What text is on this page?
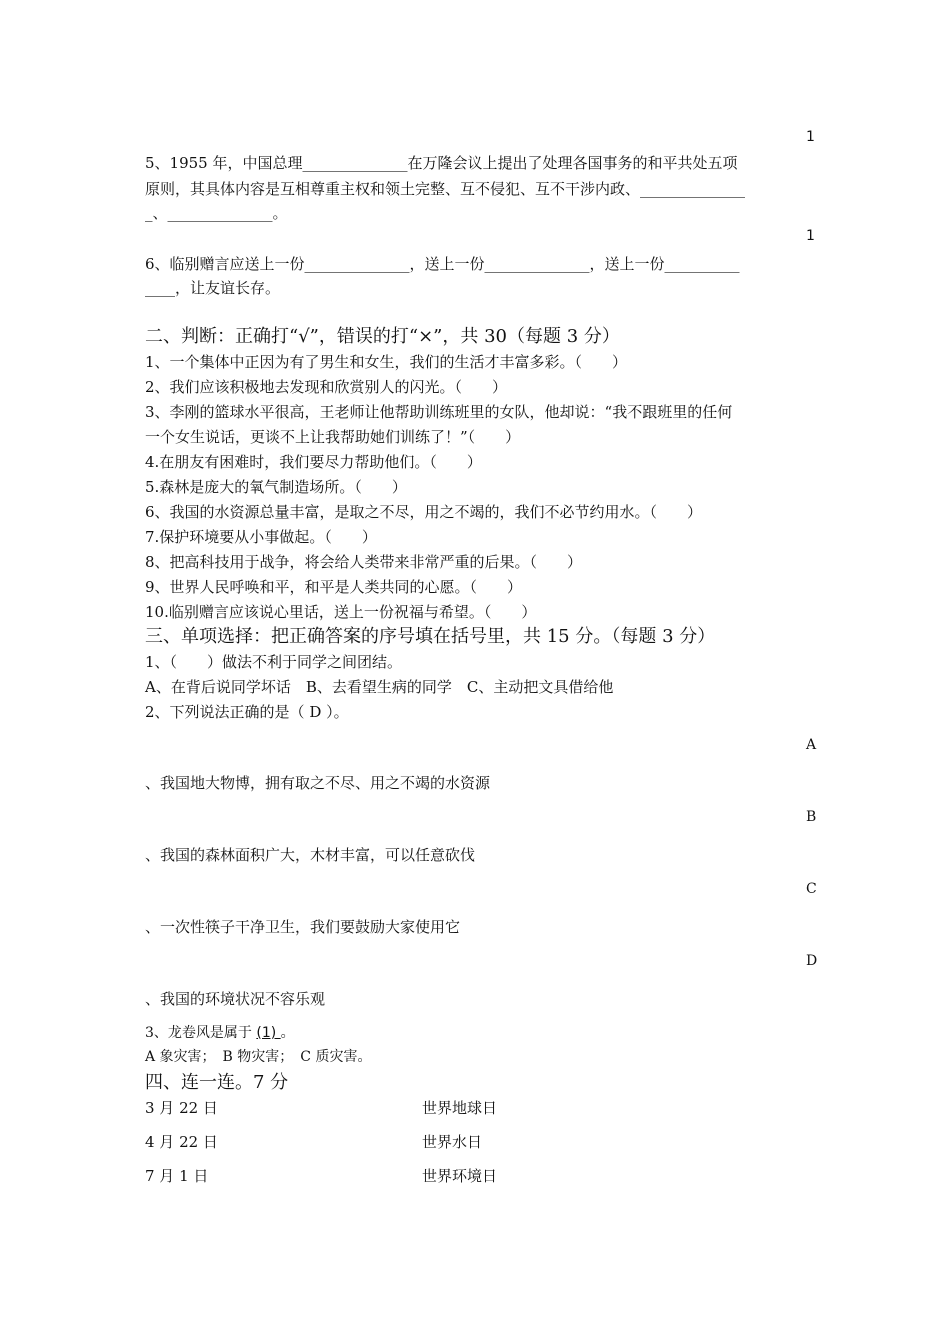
1
1
5、1955 年，中国总理______________在万隆会议上提出了处理各国事务的和平共处五项
原则，其具体内容是互相尊重主权和领土完整、互不侵犯、互不干涉内政、______________
_、______________。
6、临别赠言应送上一份______________，送上一份______________，送上一份__________
____，让友谊长存。
二、判断：正确打“√”，错误的打“×”，共 30（每题 3 分）
1、一个集体中正因为有了男生和女生，我们的生活才丰富多彩。（　　）
2、我们应该积极地去发现和欣赏别人的闪光。（　　）
3、李刚的篮球水平很高，王老师让他帮助训练班里的女队，他却说：“我不跟班里的任何
一个女生说话，更谈不上让我帮助她们训练了！”（　　）
4.在朋友有困难时，我们要尽力帮助他们。（　　）
5.森林是庞大的氧气制造场所。（　　）
6、我国的水资源总量丰富，是取之不尽，用之不竭的，我们不必节约用水。（　　）
7.保护环境要从小事做起。（　　）
8、把高科技用于战争，将会给人类带来非常严重的后果。（　　）
9、世界人民呼唤和平，和平是人类共同的心愿。（　　）
10.临别赠言应该说心里话，送上一份祝福与希望。（　　）
三、单项选择：把正确答案的序号填在括号里，共 15 分。（每题 3 分）
1、（　　）做法不利于同学之间团结。
A、在背后说同学坏话　B、去看望生病的同学　C、主动把文具借给他
2、下列说法正确的是（ D ）。
A
、我国地大物博，拥有取之不尽、用之不竭的水资源
B
、我国的森林面积广大，木材丰富，可以任意砍伐
C
、一次性筷子干净卫生，我们要鼓励大家使用它
D
、我国的环境状况不容乐观
3、龙卷风是属于 (1) 。
A 象灾害；　B 物灾害；　C 质灾害。
四、连一连。7 分
3 月 22 日	世界地球日
4 月 22 日	世界水日
7 月 1 日	世界环境日
